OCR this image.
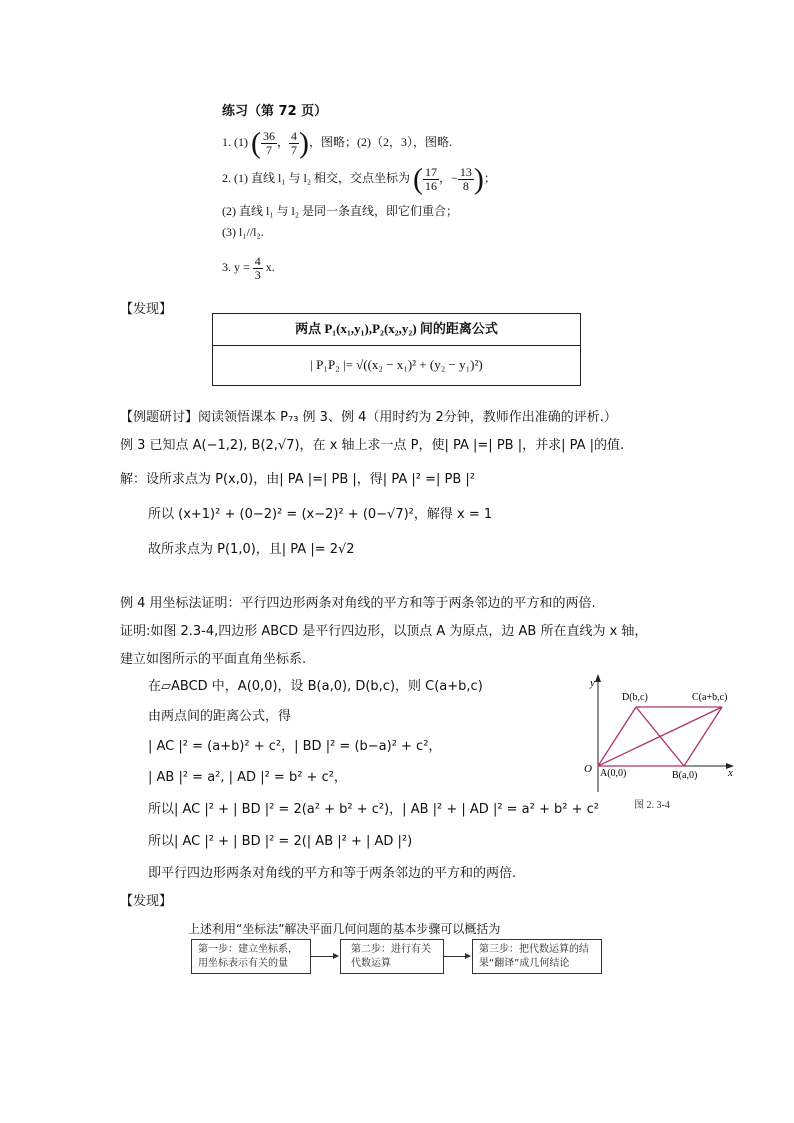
练习（第 72 页）
1. (1) ( $\frac{36}{7}$ ， $\frac{4}{7}$ )，图略；(2)（2，3），图略.
2. (1) 直线 l₁ 与 l₂ 相交，交点坐标为 ( $\frac{17}{16}$ ，− $\frac{13}{8}$ )；
(2) 直线 l₁ 与 l₂ 是同一条直线，即它们重合；
(3) l₁//l₂.
3. $y = \frac{4}{3} x$.
【发现】
两点 P₁(x₁,y₁),P₂(x₂,y₂) 间的距离公式
| P₁P₂ |= √((x₂ − x₁)² + (y₂ − y₁)²)
【例题研讨】阅读领悟课本 P₇₃ 例 3、例 4（用时约为 2分钟，教师作出准确的评析.）
例 3 已知点 A(−1,2), B(2,√7)，在 x 轴上求一点 P，使| PA |=| PB |，并求| PA |的值.
解：设所求点为 P(x,0)，由| PA |=| PB |，得| PA |² =| PB |²
所以 (x+1)² + (0−2)² = (x−2)² + (0−√7)²，解得 x = 1
故所求点为 P(1,0)，且| PA |= 2√2
例 4 用坐标法证明：平行四边形两条对角线的平方和等于两条邻边的平方和的两倍.
证明:如图 2.3-4,四边形 ABCD 是平行四边形，以顶点 A 为原点，边 AB 所在直线为 x 轴，
建立如图所示的平面直角坐标系.
在▱ABCD 中，A(0,0)，设 B(a,0), D(b,c)，则 C(a+b,c)
由两点间的距离公式，得
| AC |² = (a+b)² + c²，| BD |² = (b−a)² + c²，
| AB |² = a², | AD |² = b² + c²，
所以| AC |² + | BD |² = 2(a² + b² + c²)，| AB |² + | AD |² = a² + b² + c²
所以| AC |² + | BD |² = 2(| AB |² + | AD |²)
即平行四边形两条对角线的平方和等于两条邻边的平方和的两倍.
y
x
O A(0,0)	B(a,0)
D(b,c)	C(a+b,c)
图 2. 3-4
【发现】
上述利用“坐标法”解决平面几何问题的基本步骤可以概括为
第一步：建立坐标系，用坐标表示有关的量
第二步：进行有关代数运算
第三步：把代数运算的结果“翻译”成几何结论
